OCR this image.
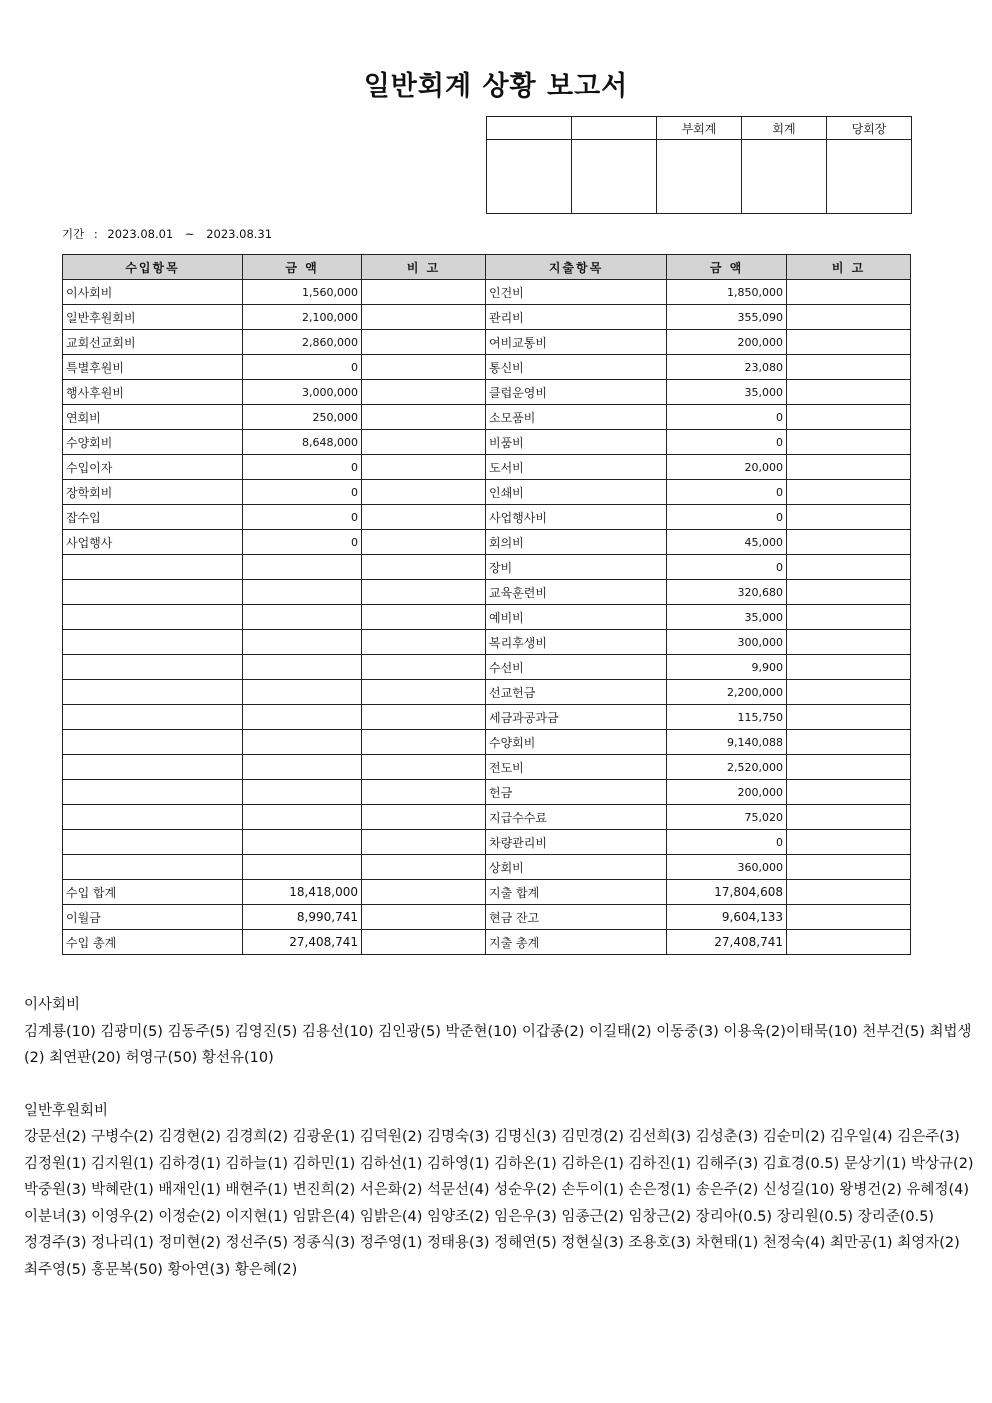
일반회계 상황 보고서
		부회계	회계	당회장

기간 : 2023.08.01 ~ 2023.08.31
수입항목	금 액	비 고	지출항목	금 액	비 고
이사회비	1,560,000		인건비	1,850,000	
일반후원회비	2,100,000		관리비	355,090	
교회선교회비	2,860,000		여비교통비	200,000	
특별후원비	0		통신비	23,080	
행사후원비	3,000,000		클럽운영비	35,000	
연회비	250,000		소모품비	0	
수양회비	8,648,000		비품비	0	
수입이자	0		도서비	20,000	
장학회비	0		인쇄비	0	
잡수입	0		사업행사비	0	
사업행사	0		회의비	45,000	
			장비	0	
			교육훈련비	320,680	
			예비비	35,000	
			복리후생비	300,000	
			수선비	9,900	
			선교헌금	2,200,000	
			세금과공과금	115,750	
			수양회비	9,140,088	
			전도비	2,520,000	
			헌금	200,000	
			지급수수료	75,020	
			차량관리비	0	
			상회비	360,000	
수입 합계	18,418,000		지출 합계	17,804,608	
이월금	8,990,741		현금 잔고	9,604,133	
수입 총계	27,408,741		지출 총계	27,408,741	

이사회비

김계룡(10) 김광미(5) 김동주(5) 김영진(5) 김용선(10) 김인광(5) 박준현(10) 이갑종(2) 이길태(2) 이동중(3) 이용욱(2)이태묵(10) 천부건(5) 최법생(2) 최연판(20) 허영구(50) 황선유(10)

일반후원회비

강문선(2) 구병수(2) 김경현(2) 김경희(2) 김광운(1) 김덕원(2) 김명숙(3) 김명신(3) 김민경(2) 김선희(3) 김성춘(3) 김순미(2) 김우일(4) 김은주(3) 김정원(1) 김지원(1) 김하경(1) 김하늘(1) 김하민(1) 김하선(1) 김하영(1) 김하온(1) 김하은(1) 김하진(1) 김해주(3) 김효경(0.5) 문상기(1) 박상규(2) 박중원(3) 박혜란(1) 배재인(1) 배현주(1) 변진희(2) 서은화(2) 석문선(4) 성순우(2) 손두이(1) 손은정(1) 송은주(2) 신성길(10) 왕병건(2) 유혜정(4) 이분녀(3) 이영우(2) 이정순(2) 이지현(1) 임맑은(4) 임밝은(4) 임양조(2) 임은우(3) 임종근(2) 임창근(2) 장리아(0.5) 장리원(0.5) 장리준(0.5) 정경주(3) 정나리(1) 정미현(2) 정선주(5) 정종식(3) 정주영(1) 정태용(3) 정해연(5) 정현실(3) 조용호(3) 차현태(1) 천정숙(4) 최만공(1) 최영자(2) 최주영(5) 홍문복(50) 황아연(3) 황은혜(2)
